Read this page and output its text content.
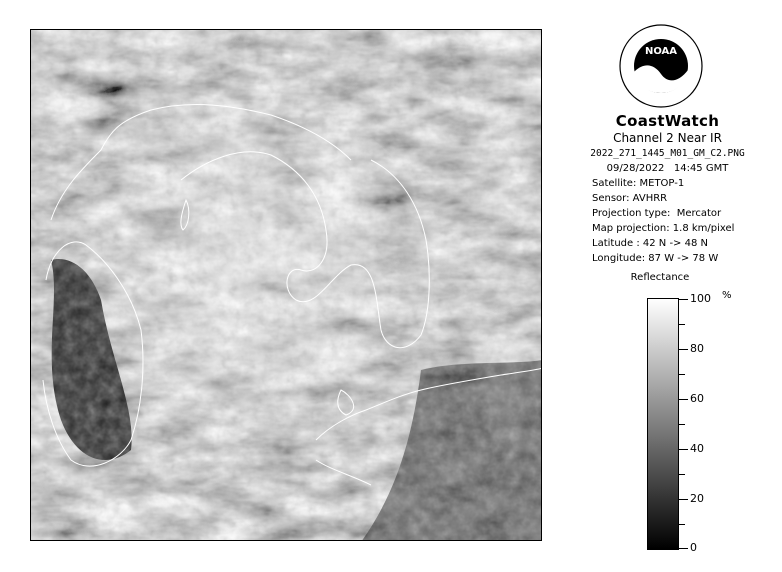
NOAA
CoastWatch
Channel 2 Near IR
2022_271_1445_M01_GM_C2.PNG
09/28/2022   14:45 GMT
Satellite: METOP-1
Sensor: AVHRR
Projection type:  Mercator
Map projection: 1.8 km/pixel
Latitude : 42 N -> 48 N
Longitude: 87 W -> 78 W
Reflectance
%
100
80
60
40
20
0
